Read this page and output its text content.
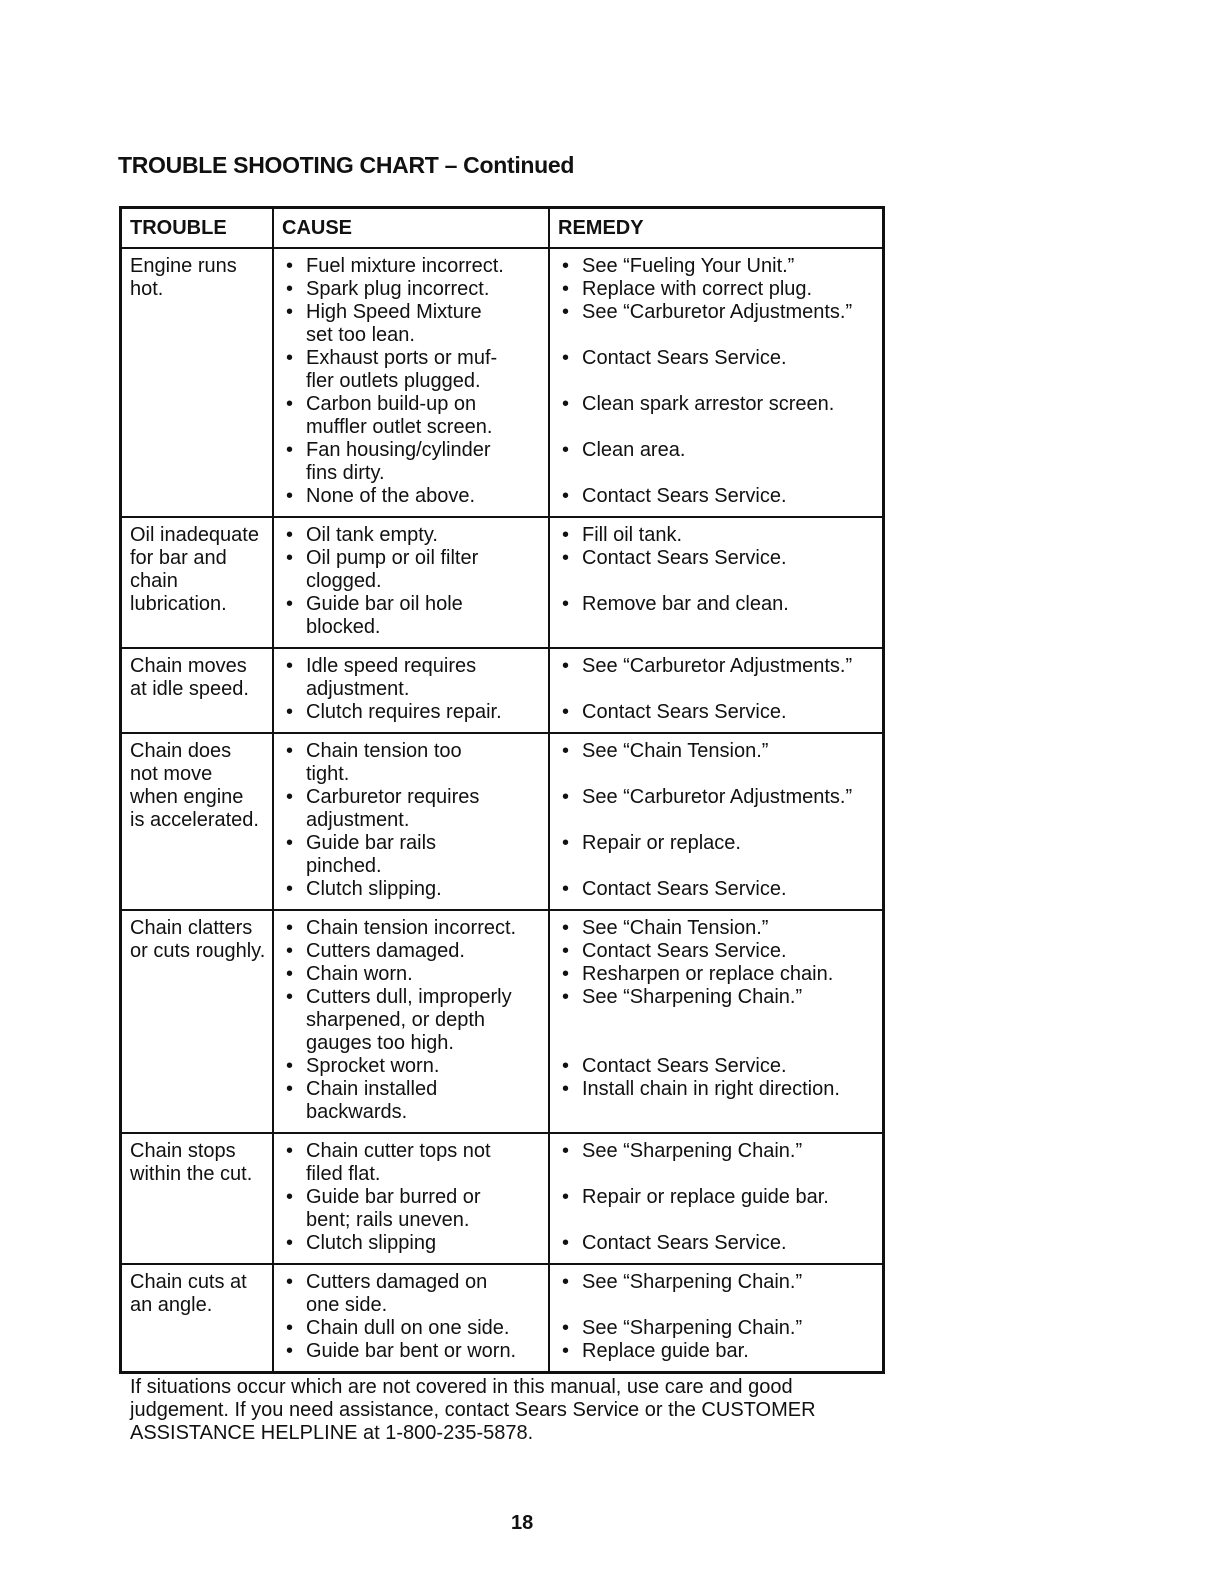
TROUBLE SHOOTING CHART – Continued
TROUBLE	CAUSE	REMEDY
Engine runs
hot.
• Fuel mixture incorrect.
• Spark plug incorrect.
• High Speed Mixture
set too lean.
• Exhaust ports or muf-
fler outlets plugged.
• Carbon build-up on
muffler outlet screen.
• Fan housing/cylinder
fins dirty.
• None of the above.
• See “Fueling Your Unit.”
• Replace with correct plug.
• See “Carburetor Adjustments.”
• Contact Sears Service.
• Clean spark arrestor screen.
• Clean area.
• Contact Sears Service.
Oil inadequate
for bar and
chain
lubrication.
• Oil tank empty.
• Oil pump or oil filter
clogged.
• Guide bar oil hole
blocked.
• Fill oil tank.
• Contact Sears Service.
• Remove bar and clean.
Chain moves
at idle speed.
• Idle speed requires
adjustment.
• Clutch requires repair.
• See “Carburetor Adjustments.”
• Contact Sears Service.
Chain does
not move
when engine
is accelerated.
• Chain tension too
tight.
• Carburetor requires
adjustment.
• Guide bar rails
pinched.
• Clutch slipping.
• See “Chain Tension.”
• See “Carburetor Adjustments.”
• Repair or replace.
• Contact Sears Service.
Chain clatters
or cuts roughly.
• Chain tension incorrect.
• Cutters damaged.
• Chain worn.
• Cutters dull, improperly
sharpened, or depth
gauges too high.
• Sprocket worn.
• Chain installed
backwards.
• See “Chain Tension.”
• Contact Sears Service.
• Resharpen or replace chain.
• See “Sharpening Chain.”
• Contact Sears Service.
• Install chain in right direction.
Chain stops
within the cut.
• Chain cutter tops not
filed flat.
• Guide bar burred or
bent; rails uneven.
• Clutch slipping
• See “Sharpening Chain.”
• Repair or replace guide bar.
• Contact Sears Service.
Chain cuts at
an angle.
• Cutters damaged on
one side.
• Chain dull on one side.
• Guide bar bent or worn.
• See “Sharpening Chain.”
• See “Sharpening Chain.”
• Replace guide bar.
If situations occur which are not covered in this manual, use care and good judgement. If you need assistance, contact Sears Service or the CUSTOMER ASSISTANCE HELPLINE at 1-800-235-5878.
18
